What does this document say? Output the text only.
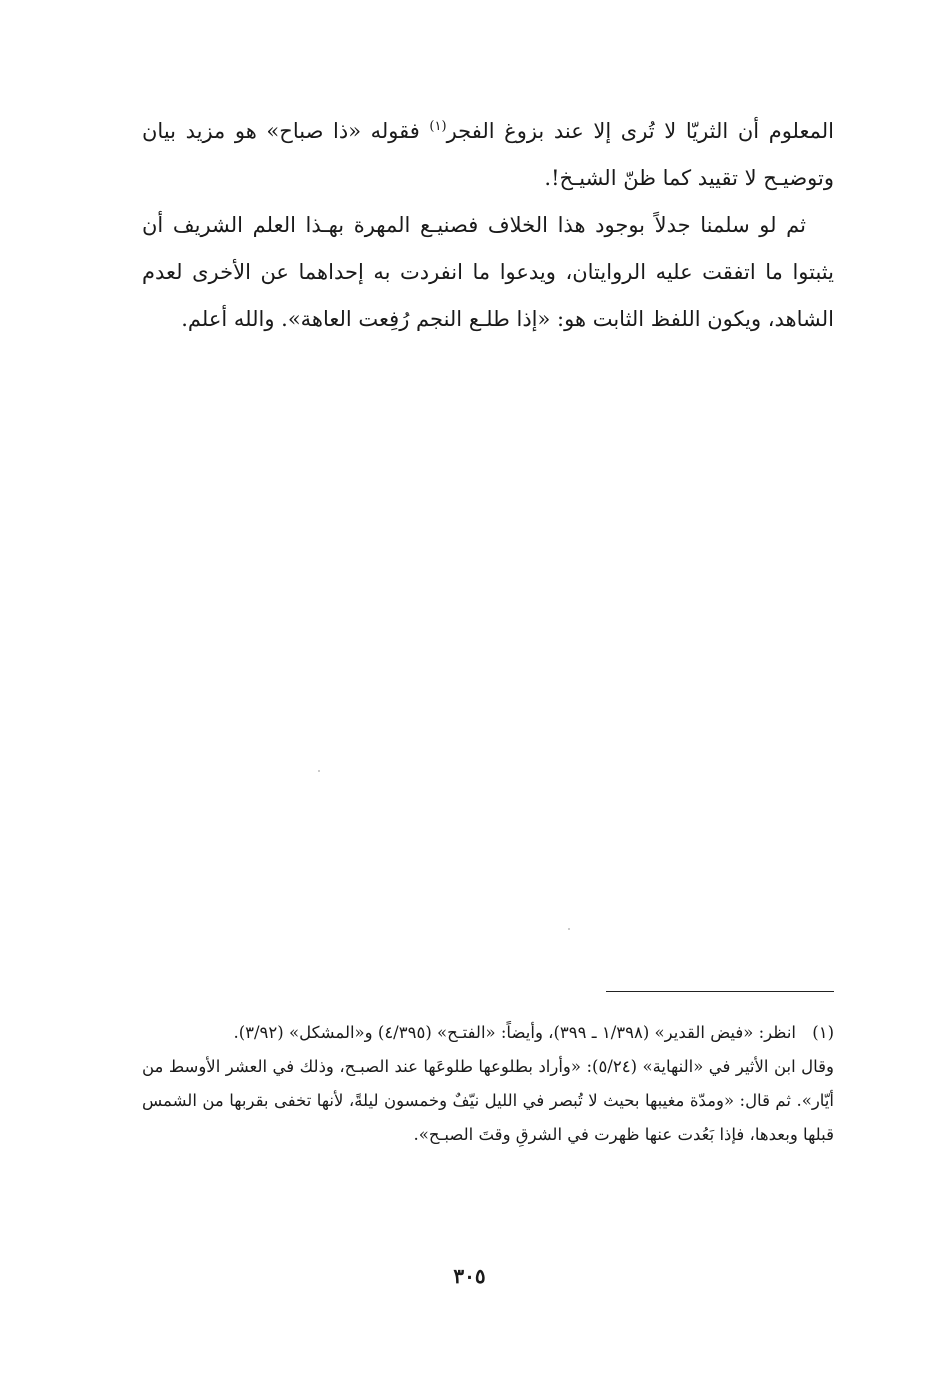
المعلوم أن الثريّا لا تُرى إلا عند بزوغ الفجر$^{(١)}$ فقوله «ذا صباح» هو مزيد بيان وتوضيـح لا تقييد كما ظنّ الشيـخ!.

ثم لو سلمنا جدلاً بوجود هذا الخلاف فصنيـع المهرة بهـذا العلم الشريف أن يثبتوا ما اتفقت عليه الروايتان، ويدعوا ما انفردت به إحداهما عن الأخرى لعدم الشاهد، ويكون اللفظ الثابت هو: «إذا طلـع النجم رُفِعت العاهة». والله أعلم.

(١)
انظر: «فيض القدير» (١/٣٩٨ ـ ٣٩٩)، وأيضاً: «الفتـح» (٤/٣٩٥) و«المشكل» (٣/٩٢).

وقال ابن الأثير في «النهاية» (٥/٢٤): «وأراد بطلوعها طلوعَها عند الصبـح، وذلك في العشر الأوسط من أيّار». ثم قال: «ومدّة مغيبها بحيث لا تُبصر في الليل نيّفٌ وخمسون ليلةً، لأنها تخفى بقربها من الشمس قبلها وبعدها، فإذا بَعُدت عنها ظهرت في الشرقِ وقتَ الصبـح».

٣٠٥
